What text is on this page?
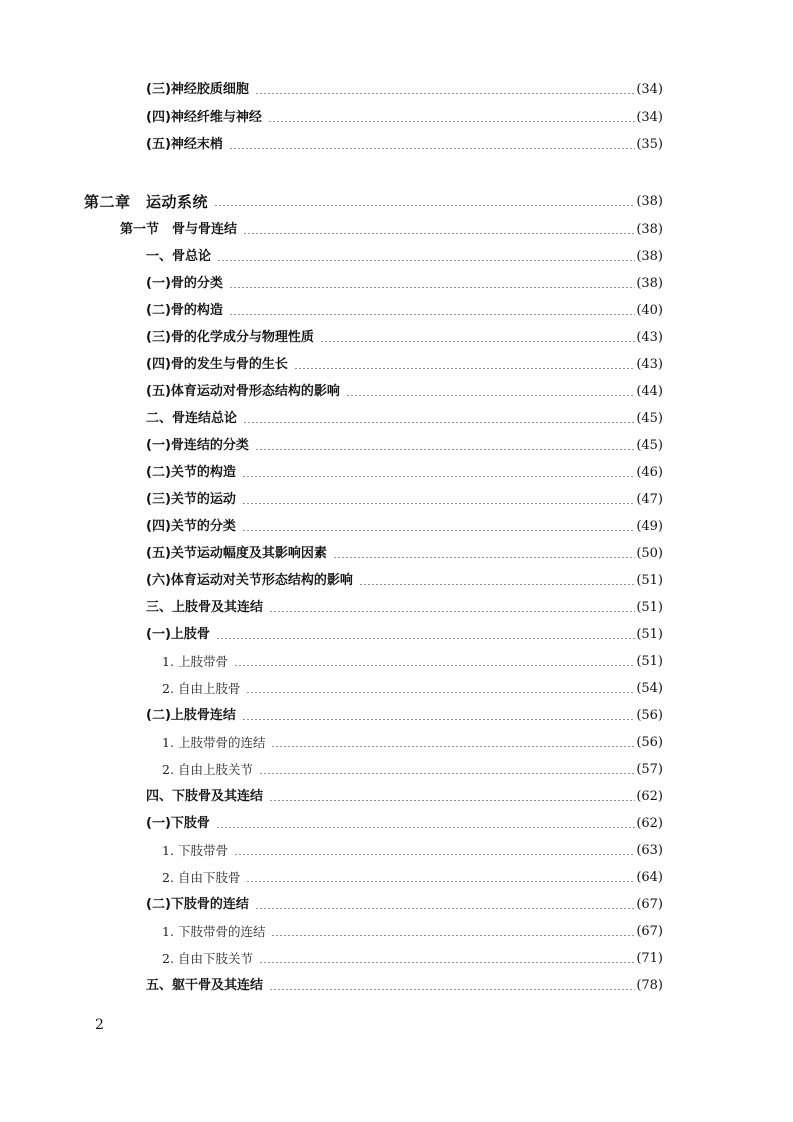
(三)神经胶质细胞	(34)
(四)神经纤维与神经	(34)
(五)神经末梢	(35)
第二章　运动系统	(38)
第一节　骨与骨连结	(38)
一、骨总论	(38)
(一)骨的分类	(38)
(二)骨的构造	(40)
(三)骨的化学成分与物理性质	(43)
(四)骨的发生与骨的生长	(43)
(五)体育运动对骨形态结构的影响	(44)
二、骨连结总论	(45)
(一)骨连结的分类	(45)
(二)关节的构造	(46)
(三)关节的运动	(47)
(四)关节的分类	(49)
(五)关节运动幅度及其影响因素	(50)
(六)体育运动对关节形态结构的影响	(51)
三、上肢骨及其连结	(51)
(一)上肢骨	(51)
1. 上肢带骨	(51)
2. 自由上肢骨	(54)
(二)上肢骨连结	(56)
1. 上肢带骨的连结	(56)
2. 自由上肢关节	(57)
四、下肢骨及其连结	(62)
(一)下肢骨	(62)
1. 下肢带骨	(63)
2. 自由下肢骨	(64)
(二)下肢骨的连结	(67)
1. 下肢带骨的连结	(67)
2. 自由下肢关节	(71)
五、躯干骨及其连结	(78)
2
